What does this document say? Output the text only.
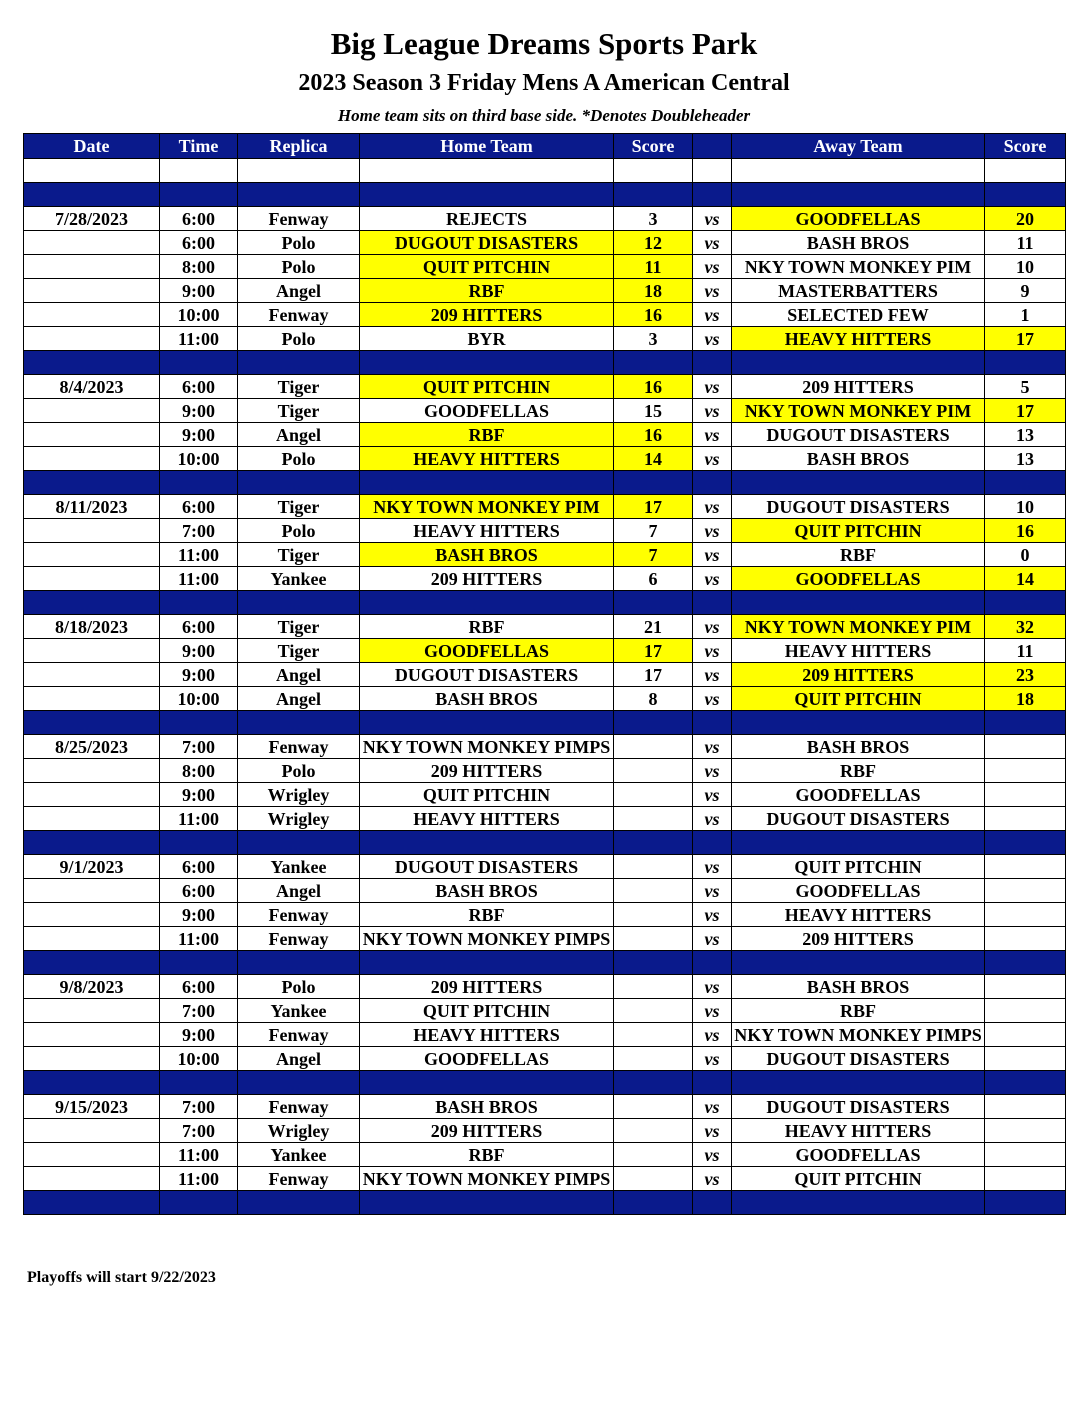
Big League Dreams Sports Park
2023 Season 3 Friday Mens A American Central
Home team sits on third base side. *Denotes Doubleheader
Date	Time	Replica	Home Team	Score		Away Team	Score

7/28/2023	6:00	Fenway	REJECTS	3	vs	GOODFELLAS	20
	6:00	Polo	DUGOUT DISASTERS	12	vs	BASH BROS	11
	8:00	Polo	QUIT PITCHIN	11	vs	NKY TOWN MONKEY PIM	10
	9:00	Angel	RBF	18	vs	MASTERBATTERS	9
	10:00	Fenway	209 HITTERS	16	vs	SELECTED FEW	1
	11:00	Polo	BYR	3	vs	HEAVY HITTERS	17

8/4/2023	6:00	Tiger	QUIT PITCHIN	16	vs	209 HITTERS	5
	9:00	Tiger	GOODFELLAS	15	vs	NKY TOWN MONKEY PIM	17
	9:00	Angel	RBF	16	vs	DUGOUT DISASTERS	13
	10:00	Polo	HEAVY HITTERS	14	vs	BASH BROS	13

8/11/2023	6:00	Tiger	NKY TOWN MONKEY PIM	17	vs	DUGOUT DISASTERS	10
	7:00	Polo	HEAVY HITTERS	7	vs	QUIT PITCHIN	16
	11:00	Tiger	BASH BROS	7	vs	RBF	0
	11:00	Yankee	209 HITTERS	6	vs	GOODFELLAS	14

8/18/2023	6:00	Tiger	RBF	21	vs	NKY TOWN MONKEY PIM	32
	9:00	Tiger	GOODFELLAS	17	vs	HEAVY HITTERS	11
	9:00	Angel	DUGOUT DISASTERS	17	vs	209 HITTERS	23
	10:00	Angel	BASH BROS	8	vs	QUIT PITCHIN	18

8/25/2023	7:00	Fenway	NKY TOWN MONKEY PIMPS		vs	BASH BROS	
	8:00	Polo	209 HITTERS		vs	RBF	
	9:00	Wrigley	QUIT PITCHIN		vs	GOODFELLAS	
	11:00	Wrigley	HEAVY HITTERS		vs	DUGOUT DISASTERS	

9/1/2023	6:00	Yankee	DUGOUT DISASTERS		vs	QUIT PITCHIN	
	6:00	Angel	BASH BROS		vs	GOODFELLAS	
	9:00	Fenway	RBF		vs	HEAVY HITTERS	
	11:00	Fenway	NKY TOWN MONKEY PIMPS		vs	209 HITTERS	

9/8/2023	6:00	Polo	209 HITTERS		vs	BASH BROS	
	7:00	Yankee	QUIT PITCHIN		vs	RBF	
	9:00	Fenway	HEAVY HITTERS		vs	NKY TOWN MONKEY PIMPS	
	10:00	Angel	GOODFELLAS		vs	DUGOUT DISASTERS	

9/15/2023	7:00	Fenway	BASH BROS		vs	DUGOUT DISASTERS	
	7:00	Wrigley	209 HITTERS		vs	HEAVY HITTERS	
	11:00	Yankee	RBF		vs	GOODFELLAS	
	11:00	Fenway	NKY TOWN MONKEY PIMPS		vs	QUIT PITCHIN	

Playoffs will start 9/22/2023
